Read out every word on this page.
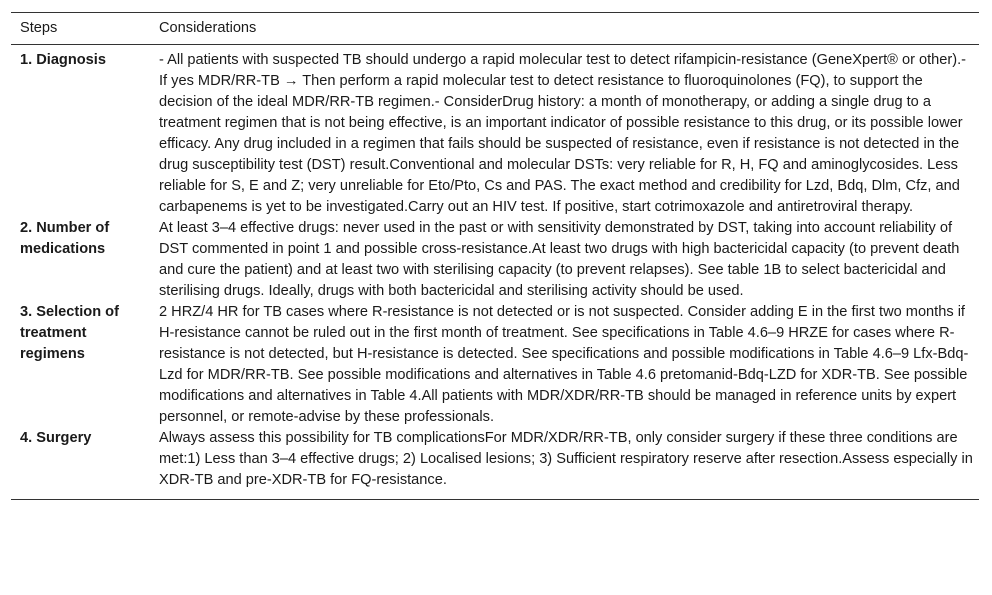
Steps	Considerations
1. Diagnosis	- All patients with suspected TB should undergo a rapid molecular test to detect rifampicin-resistance (GeneXpert® or other).- If yes MDR/RR-TB → Then perform a rapid molecular test to detect resistance to fluoroquinolones (FQ), to support the decision of the ideal MDR/RR-TB regimen.- ConsiderDrug history: a month of monotherapy, or adding a single drug to a treatment regimen that is not being effective, is an important indicator of possible resistance to this drug, or its possible lower efficacy. Any drug included in a regimen that fails should be suspected of resistance, even if resistance is not detected in the drug susceptibility test (DST) result.Conventional and molecular DSTs: very reliable for R, H, FQ and aminoglycosides. Less reliable for S, E and Z; very unreliable for Eto/Pto, Cs and PAS. The exact method and credibility for Lzd, Bdq, Dlm, Cfz, and carbapenems is yet to be investigated.Carry out an HIV test. If positive, start cotrimoxazole and antiretroviral therapy.
2. Number of medications	At least 3–4 effective drugs: never used in the past or with sensitivity demonstrated by DST, taking into account reliability of DST commented in point 1 and possible cross-resistance.At least two drugs with high bactericidal capacity (to prevent death and cure the patient) and at least two with sterilising capacity (to prevent relapses). See table 1B to select bactericidal and sterilising drugs. Ideally, drugs with both bactericidal and sterilising activity should be used.
3. Selection of treatment regimens	2 HRZ/4 HR for TB cases where R-resistance is not detected or is not suspected. Consider adding E in the first two months if H-resistance cannot be ruled out in the first month of treatment. See specifications in Table 4.6–9 HRZE for cases where R-resistance is not detected, but H-resistance is detected. See specifications and possible modifications in Table 4.6–9 Lfx-Bdq-Lzd for MDR/RR-TB. See possible modifications and alternatives in Table 4.6 pretomanid-Bdq-LZD for XDR-TB. See possible modifications and alternatives in Table 4.All patients with MDR/XDR/RR-TB should be managed in reference units by expert personnel, or remote-advise by these professionals.
4. Surgery	Always assess this possibility for TB complicationsFor MDR/XDR/RR-TB, only consider surgery if these three conditions are met:1) Less than 3–4 effective drugs; 2) Localised lesions; 3) Sufficient respiratory reserve after resection.Assess especially in XDR-TB and pre-XDR-TB for FQ-resistance.
